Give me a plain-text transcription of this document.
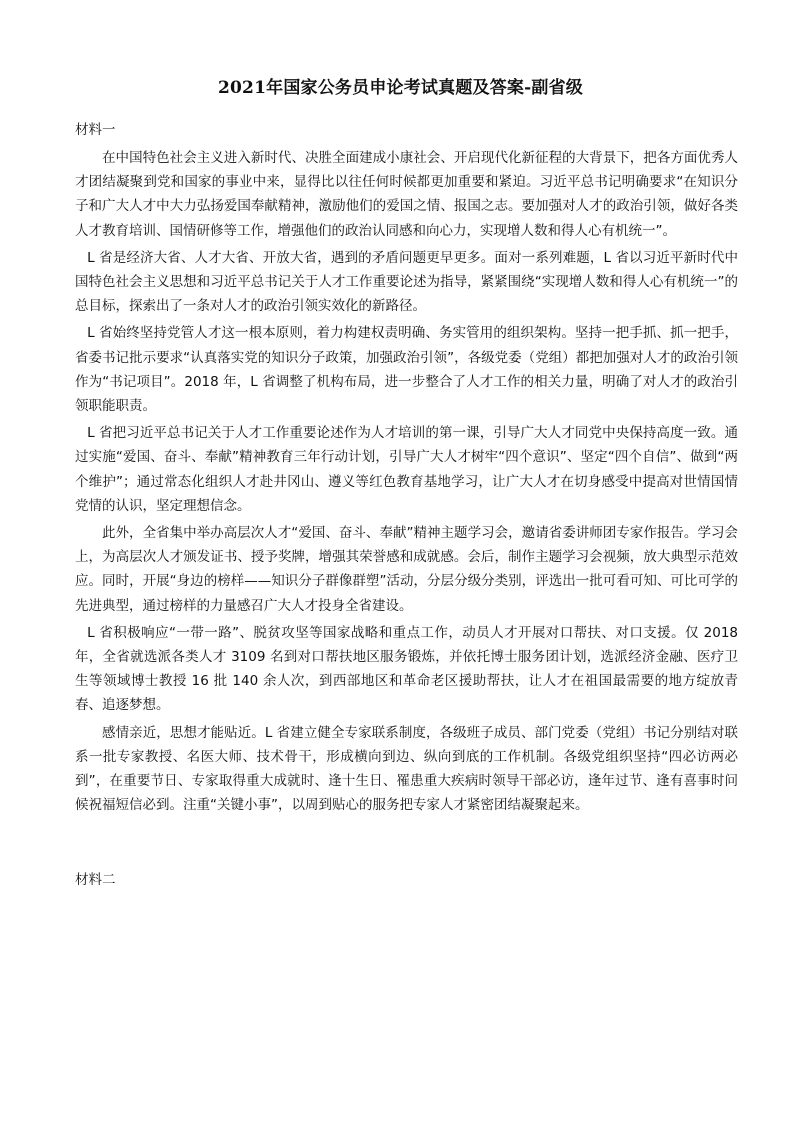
2021年国家公务员申论考试真题及答案-副省级
材料一

在中国特色社会主义进入新时代、决胜全面建成小康社会、开启现代化新征程的大背景下，把各方面优秀人才团结凝聚到党和国家的事业中来，显得比以往任何时候都更加重要和紧迫。习近平总书记明确要求“在知识分子和广大人才中大力弘扬爱国奉献精神，激励他们的爱国之情、报国之志。要加强对人才的政治引领，做好各类人才教育培训、国情研修等工作，增强他们的政治认同感和向心力，实现增人数和得人心有机统一”。

L 省是经济大省、人才大省、开放大省，遇到的矛盾问题更早更多。面对一系列难题，L 省以习近平新时代中国特色社会主义思想和习近平总书记关于人才工作重要论述为指导，紧紧围绕“实现增人数和得人心有机统一”的总目标，探索出了一条对人才的政治引领实效化的新路径。

L 省始终坚持党管人才这一根本原则，着力构建权责明确、务实管用的组织架构。坚持一把手抓、抓一把手，省委书记批示要求“认真落实党的知识分子政策，加强政治引领”，各级党委（党组）都把加强对人才的政治引领作为“书记项目”。2018 年，L 省调整了机构布局，进一步整合了人才工作的相关力量，明确了对人才的政治引领职能职责。

L 省把习近平总书记关于人才工作重要论述作为人才培训的第一课，引导广大人才同党中央保持高度一致。通过实施“爱国、奋斗、奉献”精神教育三年行动计划，引导广大人才树牢“四个意识”、坚定“四个自信”、做到“两个维护”；通过常态化组织人才赴井冈山、遵义等红色教育基地学习，让广大人才在切身感受中提高对世情国情党情的认识，坚定理想信念。

此外，全省集中举办高层次人才“爱国、奋斗、奉献”精神主题学习会，邀请省委讲师团专家作报告。学习会上，为高层次人才颁发证书、授予奖牌，增强其荣誉感和成就感。会后，制作主题学习会视频，放大典型示范效应。同时，开展“身边的榜样——知识分子群像群塑”活动，分层分级分类别，评选出一批可看可知、可比可学的先进典型，通过榜样的力量感召广大人才投身全省建设。

L 省积极响应“一带一路”、脱贫攻坚等国家战略和重点工作，动员人才开展对口帮扶、对口支援。仅 2018 年，全省就选派各类人才 3109 名到对口帮扶地区服务锻炼，并依托博士服务团计划，选派经济金融、医疗卫生等领域博士教授 16 批 140 余人次，到西部地区和革命老区援助帮扶，让人才在祖国最需要的地方绽放青春、追逐梦想。

感情亲近，思想才能贴近。L 省建立健全专家联系制度，各级班子成员、部门党委（党组）书记分别结对联系一批专家教授、名医大师、技术骨干，形成横向到边、纵向到底的工作机制。各级党组织坚持“四必访两必到”，在重要节日、专家取得重大成就时、逢十生日、罹患重大疾病时领导干部必访，逢年过节、逢有喜事时问候祝福短信必到。注重“关键小事”，以周到贴心的服务把专家人才紧密团结凝聚起来。

材料二
